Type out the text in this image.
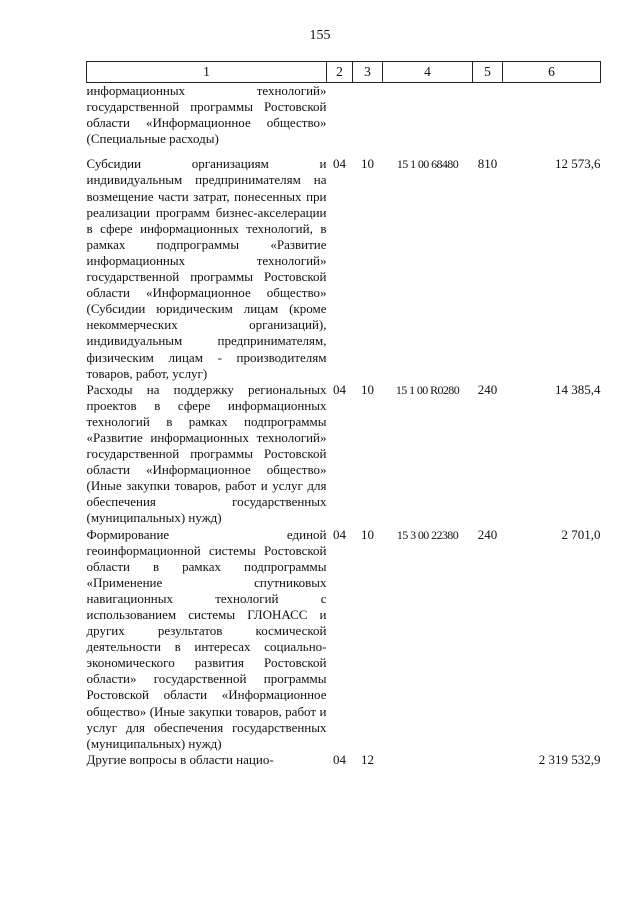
155
1	2	3	4	5	6
информационных технологий» государственной программы Ростовской области «Информационное общество» (Специальные расходы)					
Субсидии организациям и индивидуальным предпринимателям на возмещение части затрат, понесенных при реализации программ бизнес-акселерации в сфере информационных технологий, в рамках подпрограммы «Развитие информационных технологий» государственной программы Ростовской области «Информационное общество» (Субсидии юридическим лицам (кроме некоммерческих организаций), индивидуальным предпринимателям, физическим лицам - производителям товаров, работ, услуг)	04	10	15 1 00 68480	810	12 573,6
Расходы на поддержку региональных проектов в сфере информационных технологий в рамках подпрограммы «Развитие информационных технологий» государственной программы Ростовской области «Информационное общество» (Иные закупки товаров, работ и услуг для обеспечения государственных (муниципальных) нужд)	04	10	15 1 00 R0280	240	14 385,4
Формирование единой геоинформационной системы Ростовской области в рамках подпрограммы «Применение спутниковых навигационных технологий с использованием системы ГЛОНАСС и других результатов космической деятельности в интересах социально-экономического развития Ростовской области» государственной программы Ростовской области «Информационное общество» (Иные закупки товаров, работ и услуг для обеспечения государственных (муниципальных) нужд)	04	10	15 3 00 22380	240	2 701,0
Другие вопросы в области нацио-	04	12			2 319 532,9
